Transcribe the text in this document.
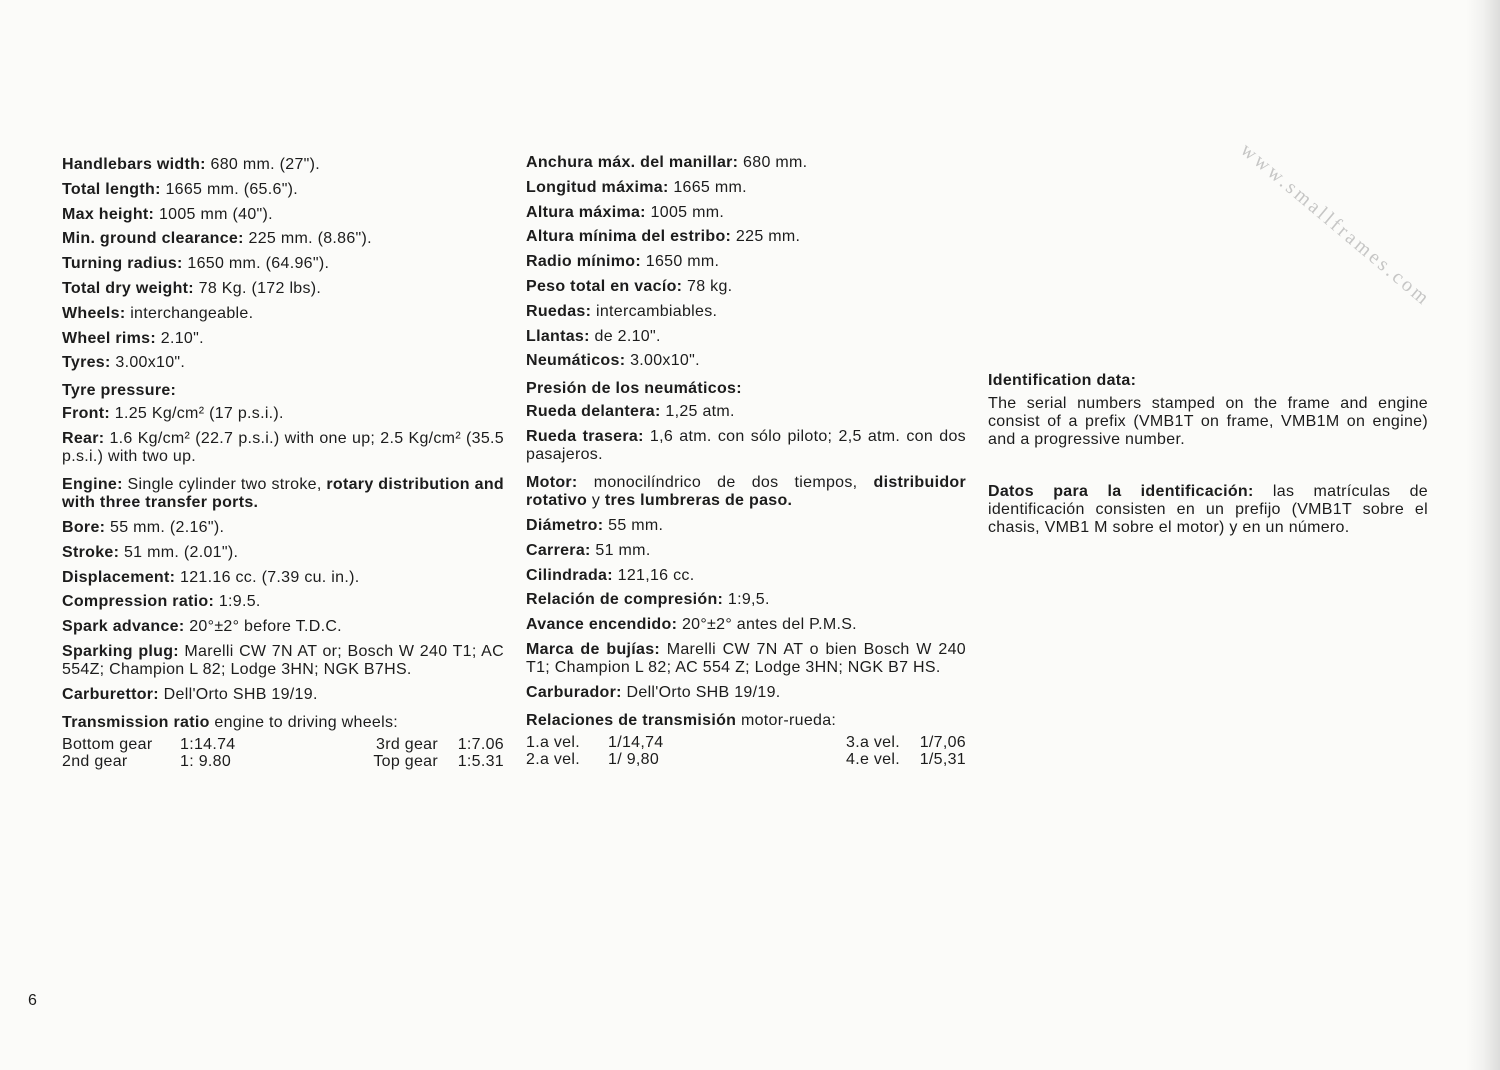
www.smallframes.com
Handlebars width: 680 mm. (27").
Total length: 1665 mm. (65.6").
Max height: 1005 mm (40").
Min. ground clearance: 225 mm. (8.86").
Turning radius: 1650 mm. (64.96").
Total dry weight: 78 Kg. (172 lbs).
Wheels: interchangeable.
Wheel rims: 2.10".
Tyres: 3.00x10".
Tyre pressure:
Front: 1.25 Kg/cm² (17 p.s.i.).
Rear: 1.6 Kg/cm² (22.7 p.s.i.) with one up; 2.5 Kg/cm² (35.5 p.s.i.) with two up.
Engine: Single cylinder two stroke, rotary distribution and with three transfer ports.
Bore: 55 mm. (2.16").
Stroke: 51 mm. (2.01").
Displacement: 121.16 cc. (7.39 cu. in.).
Compression ratio: 1:9.5.
Spark advance: 20°±2° before T.D.C.
Sparking plug: Marelli CW 7N AT or; Bosch W 240 T1; AC 554Z; Champion L 82; Lodge 3HN; NGK B7HS.
Carburettor: Dell'Orto SHB 19/19.
Transmission ratio engine to driving wheels:
Bottom gear	1:14.74	3rd gear	1:7.06
2nd gear	1: 9.80	Top gear	1:5.31
Anchura máx. del manillar: 680 mm.
Longitud máxima: 1665 mm.
Altura máxima: 1005 mm.
Altura mínima del estribo: 225 mm.
Radio mínimo: 1650 mm.
Peso total en vacío: 78 kg.
Ruedas: intercambiables.
Llantas: de 2.10".
Neumáticos: 3.00x10".
Presión de los neumáticos:
Rueda delantera: 1,25 atm.
Rueda trasera: 1,6 atm. con sólo piloto; 2,5 atm. con dos pasajeros.
Motor: monocilíndrico de dos tiempos, distribuidor rotativo y tres lumbreras de paso.
Diámetro: 55 mm.
Carrera: 51 mm.
Cilindrada: 121,16 cc.
Relación de compresión: 1:9,5.
Avance encendido: 20°±2° antes del P.M.S.
Marca de bujías: Marelli CW 7N AT o bien Bosch W 240 T1; Champion L 82; AC 554 Z; Lodge 3HN; NGK B7 HS.
Carburador: Dell'Orto SHB 19/19.
Relaciones de transmisión motor-rueda:
1.a vel.	1/14,74	3.a vel.	1/7,06
2.a vel.	1/ 9,80	4.e vel.	1/5,31
Identification data:
The serial numbers stamped on the frame and engine consist of a prefix (VMB1T on frame, VMB1M on engine) and a progressive number.
Datos para la identificación: las matrículas de identificación consisten en un prefijo (VMB1T sobre el chasis, VMB1 M sobre el motor) y en un número.
6
